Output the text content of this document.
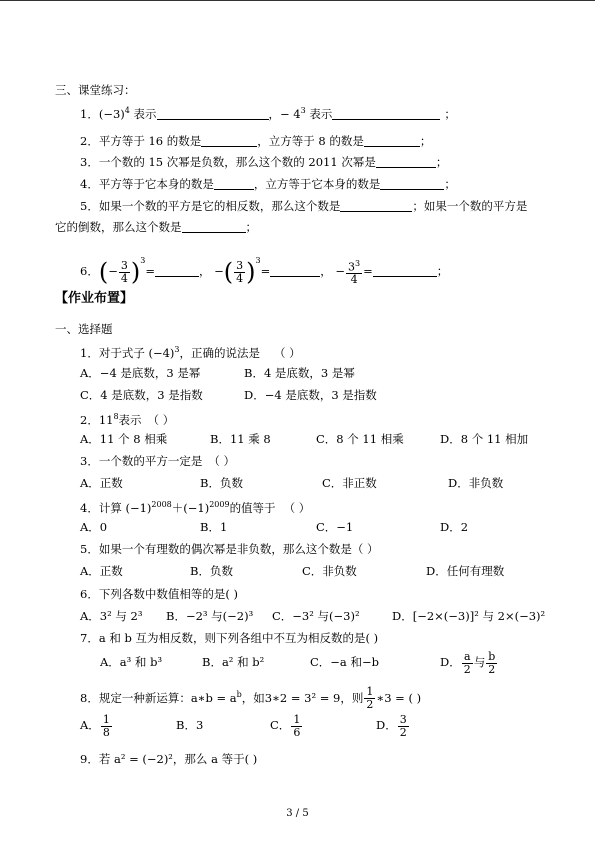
三、课堂练习：
1．$(-3)^4$ 表示	，− $4^3$ 表示	；
2．平方等于 16 的数是	，立方等于 8 的数是	；
3．一个数的 15 次幂是负数，那么这个数的 2011 次幂是	；
4．平方等于它本身的数是	，立方等于它本身的数是	；
5．如果一个数的平方是它的相反数，那么这个数是	；如果一个数的平方是
它的倒数，那么这个数是	；
6．(− $\frac{3}{4} )^3=$	， −( $\frac{3}{4} )^3=$	， − $\frac{3^3}{4}$ =	；
【作业布置】
一、选择题
1．对于式子 $(-4)^3$，正确的说法是 （ ）
A．−4 是底数，3 是幂	B．4 是底数，3 是幂
C．4 是底数，3 是指数	D．−4 是底数，3 是指数
2．$11^8$表示 （ ）
A．11 个 8 相乘	B．11 乘 8	C．8 个 11 相乘	D．8 个 11 相加
3．一个数的平方一定是 （ ）
A．正数	B．负数	C．非正数	D．非负数
4．计算 $(-1)^{2008}+(-1)^{2009}$的值等于 （ ）
A．0	B．1	C．−1	D．2
5．如果一个有理数的偶次幂是非负数，那么这个数是（ ）
A．正数	B．负数	C．非负数	D．任何有理数
6．下列各数中数值相等的是( )
A．3² 与 2³ B．−2³ 与(−2)³ C．−3² 与(−3)²	D．[−2×(−3)]² 与 2×(−3)²
7．a 和 b 互为相反数，则下列各组中不互为相反数的是( )
A．a³ 和 b³	B．a² 和 b²	C．−a 和−b	D． $\frac{a}{2}$ 与 $\frac{b}{2}$
8．规定一种新运算：a∗b = $a^b$，如3∗2 = 3² = 9，则 $\frac{1}{2}$ ∗3 = ( )
A． $\frac{1}{8}$	B．3	C． $\frac{1}{6}$	D． $\frac{3}{2}$
9．若 a² = (−2)²，那么 a 等于( )
3 / 5
